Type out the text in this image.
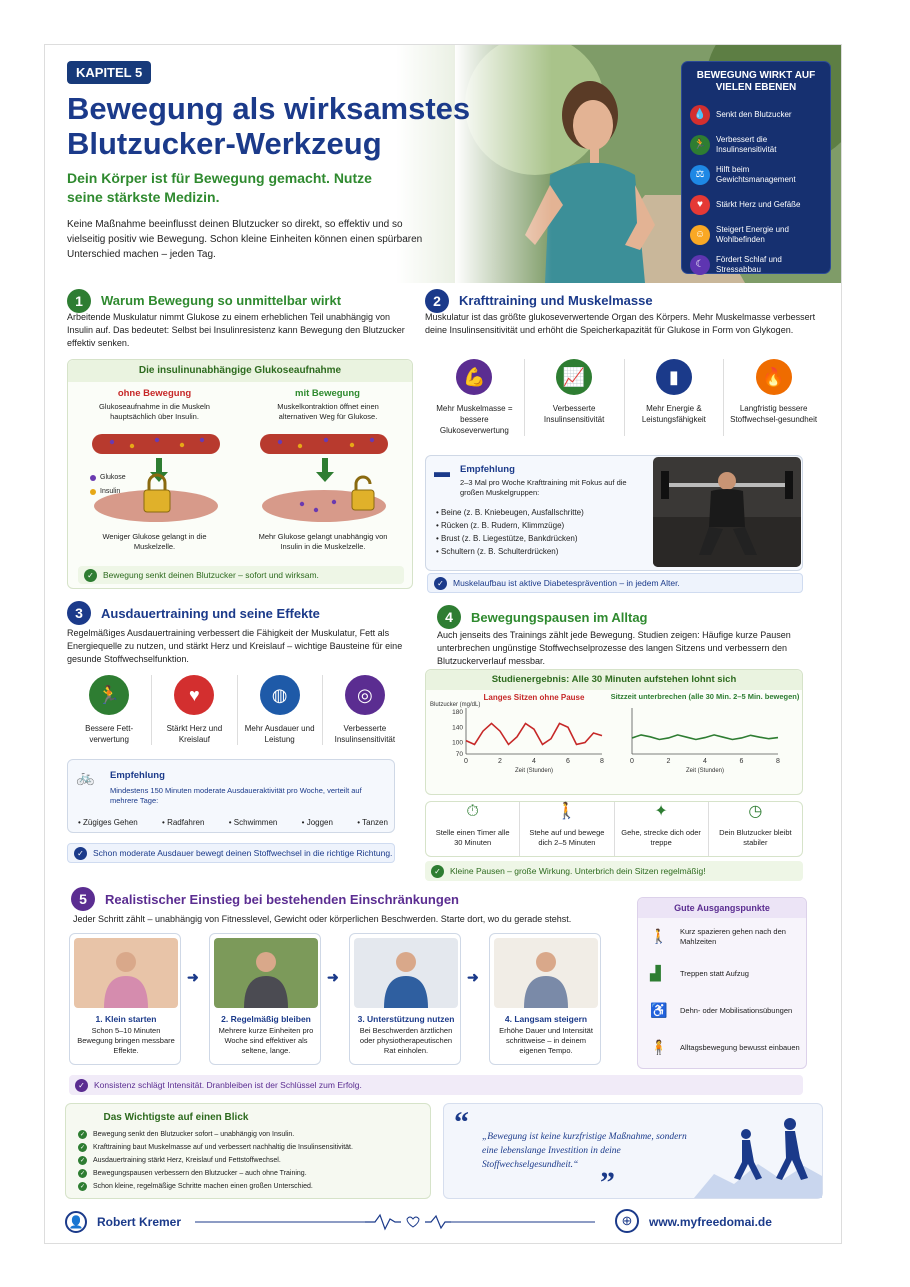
KAPITEL 5
Bewegung als wirksamstes Blutzucker-Werkzeug
Dein Körper ist für Bewegung gemacht. Nutze seine stärkste Medizin.
Keine Maßnahme beeinflusst deinen Blutzucker so direkt, so effektiv und so vielseitig positiv wie Bewegung. Schon kleine Einheiten können einen spürbaren Unterschied machen – jeden Tag.
BEWEGUNG WIRKT AUF VIELEN EBENEN
💧	Senkt den Blutzucker
🏃	Verbessert die Insulinsensitivität
⚖	Hilft beim Gewichtsmanagement
♥	Stärkt Herz und Gefäße
☺	Steigert Energie und Wohlbefinden
☾	Fördert Schlaf und Stressabbau
1	Warum Bewegung so unmittelbar wirkt
Arbeitende Muskulatur nimmt Glukose zu einem erheblichen Teil unabhängig von Insulin auf. Das bedeutet: Selbst bei Insulinresistenz kann Bewegung den Blutzucker effektiv senken.
Die insulinunabhängige Glukoseaufnahme
ohne Bewegung
Glukoseaufnahme in die Muskeln hauptsächlich über Insulin.
mit Bewegung
Muskelkontraktion öffnet einen alternativen Weg für Glukose.
Glukose
Insulin
Weniger Glukose gelangt in die Muskelzelle.
Mehr Glukose gelangt unabhängig von Insulin in die Muskelzelle.
✓	Bewegung senkt deinen Blutzucker – sofort und wirksam.
2	Krafttraining und Muskelmasse
Muskulatur ist das größte glukoseverwertende Organ des Körpers. Mehr Muskelmasse verbessert deine Insulinsensitivität und erhöht die Speicherkapazität für Glukose in Form von Glykogen.
💪
Mehr Muskelmasse = bessere Glukoseverwertung
📈
Verbesserte Insulinsensitivität
▮
Mehr Energie & Leistungsfähigkeit
🔥
Langfristig bessere Stoffwechsel-gesundheit
▬ Empfehlung
2–3 Mal pro Woche Krafttraining mit Fokus auf die großen Muskelgruppen:
• Beine (z. B. Kniebeugen, Ausfallschritte)
• Rücken (z. B. Rudern, Klimmzüge)
• Brust (z. B. Liegestütze, Bankdrücken)
• Schultern (z. B. Schulterdrücken)
✓	Muskelaufbau ist aktive Diabetesprävention – in jedem Alter.
3	Ausdauertraining und seine Effekte
Regelmäßiges Ausdauertraining verbessert die Fähigkeit der Muskulatur, Fett als Energiequelle zu nutzen, und stärkt Herz und Kreislauf – wichtige Bausteine für eine gesunde Stoffwechselfunktion.
🏃
Bessere Fett-verwertung
♥
Stärkt Herz und Kreislauf
◍
Mehr Ausdauer und Leistung
◎
Verbesserte Insulinsensitivität
🚲 Empfehlung
Mindestens 150 Minuten moderate Ausdaueraktivität pro Woche, verteilt auf mehrere Tage:
• Zügiges Gehen	• Radfahren	• Schwimmen	• Joggen	• Tanzen
✓	Schon moderate Ausdauer bewegt deinen Stoffwechsel in die richtige Richtung.
4	Bewegungspausen im Alltag
Auch jenseits des Trainings zählt jede Bewegung. Studien zeigen: Häufige kurze Pausen unterbrechen ungünstige Stoffwechselprozesse des langen Sitzens und verbessern den Blutzuckerverlauf messbar.
Studienergebnis: Alle 30 Minuten aufstehen lohnt sich
Langes Sitzen ohne Pause
0	2	4	6	8
70
100
140
180
Zeit (Stunden)
Blutzucker (mg/dL)
Sitzzeit unterbrechen (alle 30 Min. 2–5 Min. bewegen)
0	2	4	6	8
Zeit (Stunden)
⏱
Stelle einen Timer alle 30 Minuten
🚶
Stehe auf und bewege dich 2–5 Minuten
✦
Gehe, strecke dich oder treppe
◷
Dein Blutzucker bleibt stabiler
✓	Kleine Pausen – große Wirkung. Unterbrich dein Sitzen regelmäßig!
5	Realistischer Einstieg bei bestehenden Einschränkungen
Jeder Schritt zählt – unabhängig von Fitnesslevel, Gewicht oder körperlichen Beschwerden. Starte dort, wo du gerade stehst.
1. Klein starten
Schon 5–10 Minuten Bewegung bringen messbare Effekte.
➜
2. Regelmäßig bleiben
Mehrere kurze Einheiten pro Woche sind effektiver als seltene, lange.
➜
3. Unterstützung nutzen
Bei Beschwerden ärztlichen oder physiotherapeutischen Rat einholen.
➜
4. Langsam steigern
Erhöhe Dauer und Intensität schrittweise – in deinem eigenen Tempo.
Gute Ausgangspunkte
🚶	Kurz spazieren gehen nach den Mahlzeiten
▟	Treppen statt Aufzug
♿	Dehn- oder Mobilisationsübungen
🧍	Alltagsbewegung bewusst einbauen
✓	Konsistenz schlägt Intensität. Dranbleiben ist der Schlüssel zum Erfolg.
Das Wichtigste auf einen Blick
✓ Bewegung senkt den Blutzucker sofort – unabhängig von Insulin.
✓ Krafttraining baut Muskelmasse auf und verbessert nachhaltig die Insulinsensitivität.
✓ Ausdauertraining stärkt Herz, Kreislauf und Fettstoffwechsel.
✓ Bewegungspausen verbessern den Blutzucker – auch ohne Training.
✓ Schon kleine, regelmäßige Schritte machen einen großen Unterschied.
“ „Bewegung ist keine kurzfristige Maßnahme, sondern eine lebenslange Investition in deine Stoffwechselgesundheit.“
”
👤 Robert Kremer	⊕	www.myfreedomai.de
